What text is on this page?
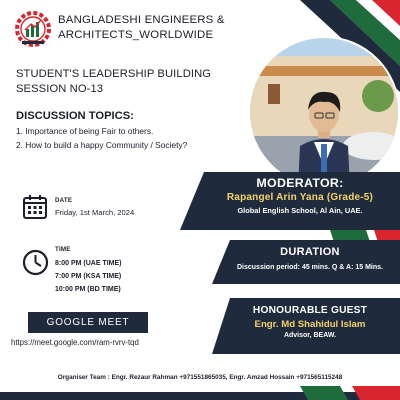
BANGLADESHI ENGINEERS &
ARCHITECTS_WORLDWIDE
STUDENT'S LEADERSHIP BUILDING
SESSION NO-13
DISCUSSION TOPICS:
1. Importance of being Fair to others.
2. How to build a happy Community / Society?
DATE
Friday, 1st March, 2024
TIME
8:00 PM (UAE TIME)
7:00 PM (KSA TIME)
10:00 PM (BD TIME)
MODERATOR:
Rapangel Arin Yana (Grade-5)
Global English School, Al Ain, UAE.
DURATION
Discussion period: 45 mins. Q & A: 15 Mins.
HONOURABLE GUEST
Engr. Md Shahidul Islam
Advisor, BEAW.
GOOGLE MEET
https://meet.google.com/ram-rvrv-tqd
Organiser Team : Engr. Rezaur Rahman +971551865035, Engr. Amzad Hossain +971565115248
